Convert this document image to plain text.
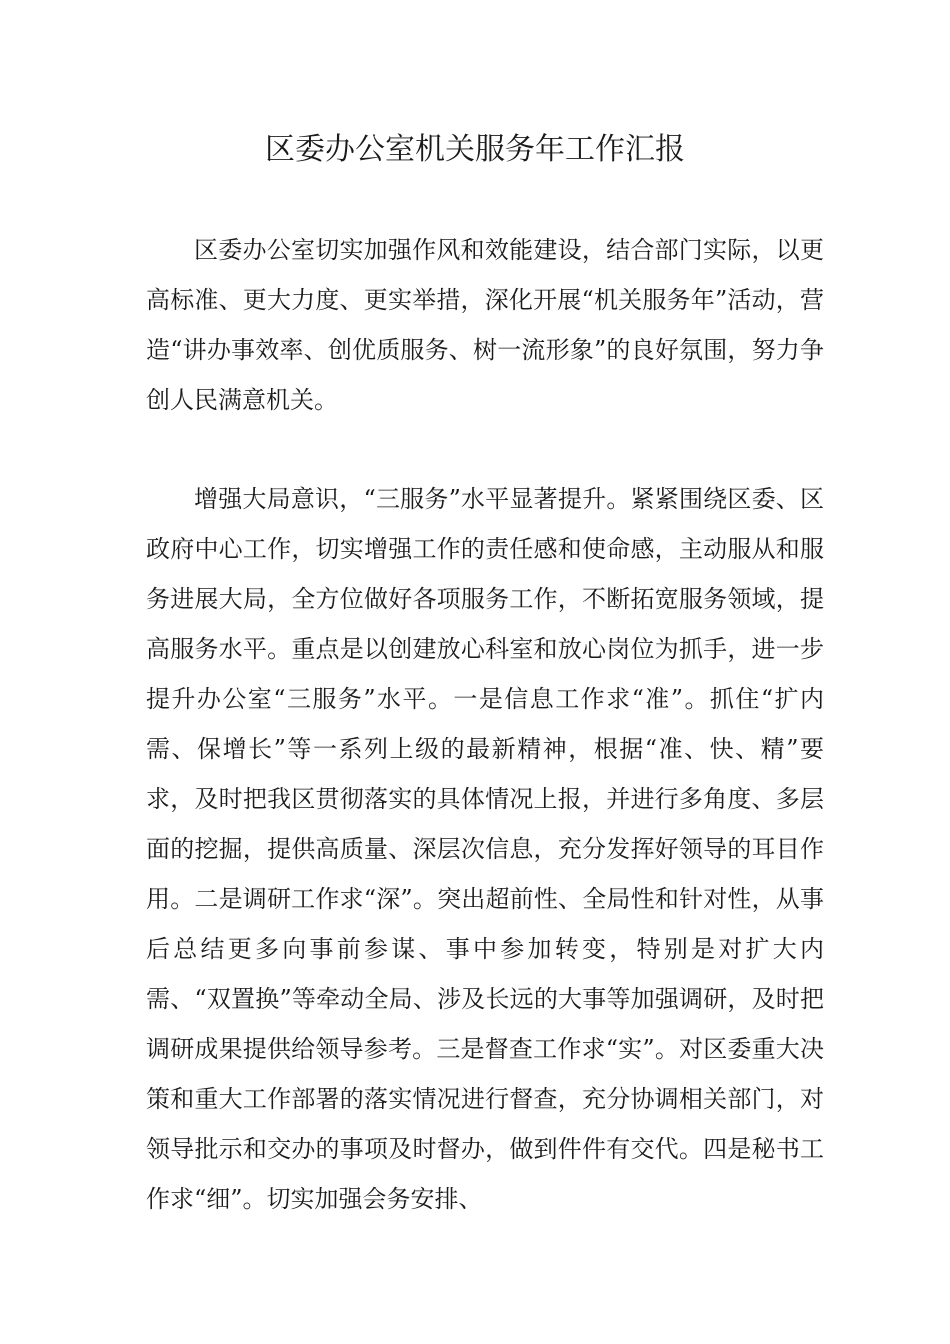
区委办公室机关服务年工作汇报

区委办公室切实加强作风和效能建设，结合部门实际，以更高标准、更大力度、更实举措，深化开展“机关服务年”活动，营造“讲办事效率、创优质服务、树一流形象”的良好氛围，努力争创人民满意机关。

增强大局意识，“三服务”水平显著提升。紧紧围绕区委、区政府中心工作，切实增强工作的责任感和使命感，主动服从和服务进展大局，全方位做好各项服务工作，不断拓宽服务领域，提高服务水平。重点是以创建放心科室和放心岗位为抓手，进一步提升办公室“三服务”水平。一是信息工作求“准”。抓住“扩内需、保增长”等一系列上级的最新精神，根据“准、快、精”要求，及时把我区贯彻落实的具体情况上报，并进行多角度、多层面的挖掘，提供高质量、深层次信息，充分发挥好领导的耳目作用。二是调研工作求“深”。突出超前性、全局性和针对性，从事后总结更多向事前参谋、事中参加转变，特别是对扩大内需、“双置换”等牵动全局、涉及长远的大事等加强调研，及时把调研成果提供给领导参考。三是督查工作求“实”。对区委重大决策和重大工作部署的落实情况进行督查，充分协调相关部门，对领导批示和交办的事项及时督办，做到件件有交代。四是秘书工作求“细”。切实加强会务安排、
